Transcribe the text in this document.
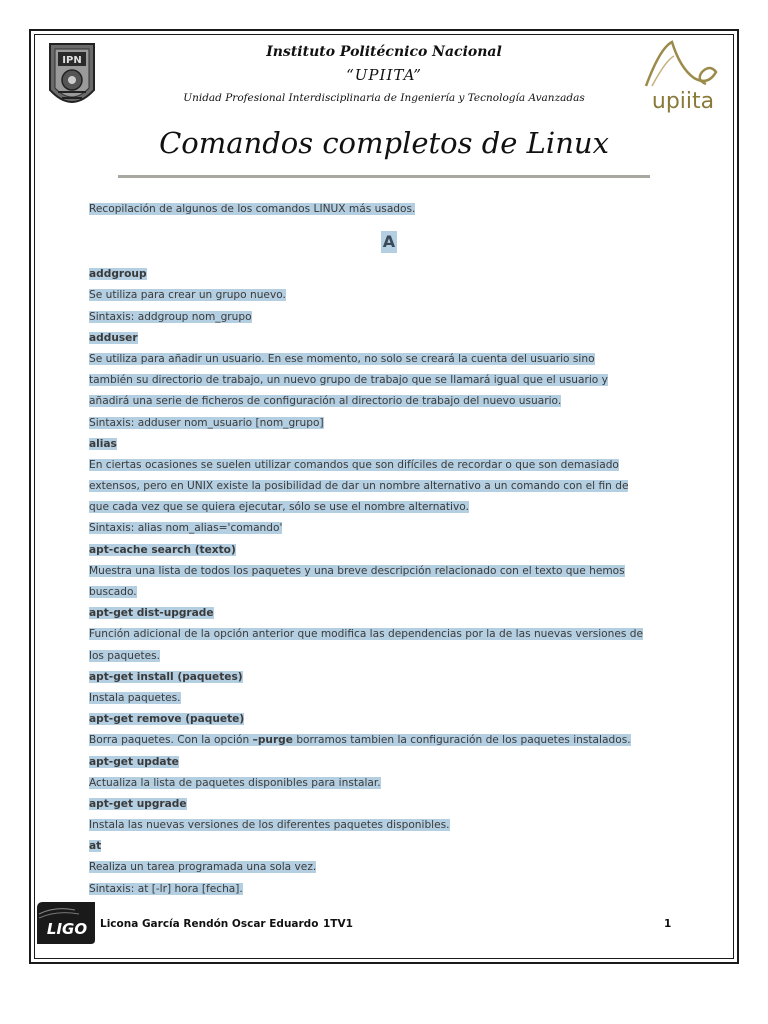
IPN
upiita
Instituto Politécnico Nacional
“UPIITA”
Unidad Profesional Interdisciplinaria de Ingeniería y Tecnología Avanzadas
Comandos completos de Linux
Recopilación de algunos de los comandos LINUX más usados.
A
addgroup
Se utiliza para crear un grupo nuevo.
Sintaxis: addgroup nom_grupo
adduser
Se utiliza para añadir un usuario. En ese momento, no solo se creará la cuenta del usuario sino
también su directorio de trabajo, un nuevo grupo de trabajo que se llamará igual que el usuario y
añadirá una serie de ficheros de configuración al directorio de trabajo del nuevo usuario.
Sintaxis: adduser nom_usuario [nom_grupo]
alias
En ciertas ocasiones se suelen utilizar comandos que son difíciles de recordar o que son demasiado
extensos, pero en UNIX existe la posibilidad de dar un nombre alternativo a un comando con el fin de
que cada vez que se quiera ejecutar, sólo se use el nombre alternativo.
Sintaxis: alias nom_alias='comando'
apt-cache search (texto)
Muestra una lista de todos los paquetes y una breve descripción relacionado con el texto que hemos
buscado.
apt-get dist-upgrade
Función adicional de la opción anterior que modifica las dependencias por la de las nuevas versiones de
los paquetes.
apt-get install (paquetes)
Instala paquetes.
apt-get remove (paquete)
Borra paquetes. Con la opción –purge borramos tambien la configuración de los paquetes instalados.
apt-get update
Actualiza la lista de paquetes disponibles para instalar.
apt-get upgrade
Instala las nuevas versiones de los diferentes paquetes disponibles.
at
Realiza un tarea programada una sola vez.
Sintaxis: at [-lr] hora [fecha].
LIGO Licona García Rendón Oscar Eduardo 1TV1	1
